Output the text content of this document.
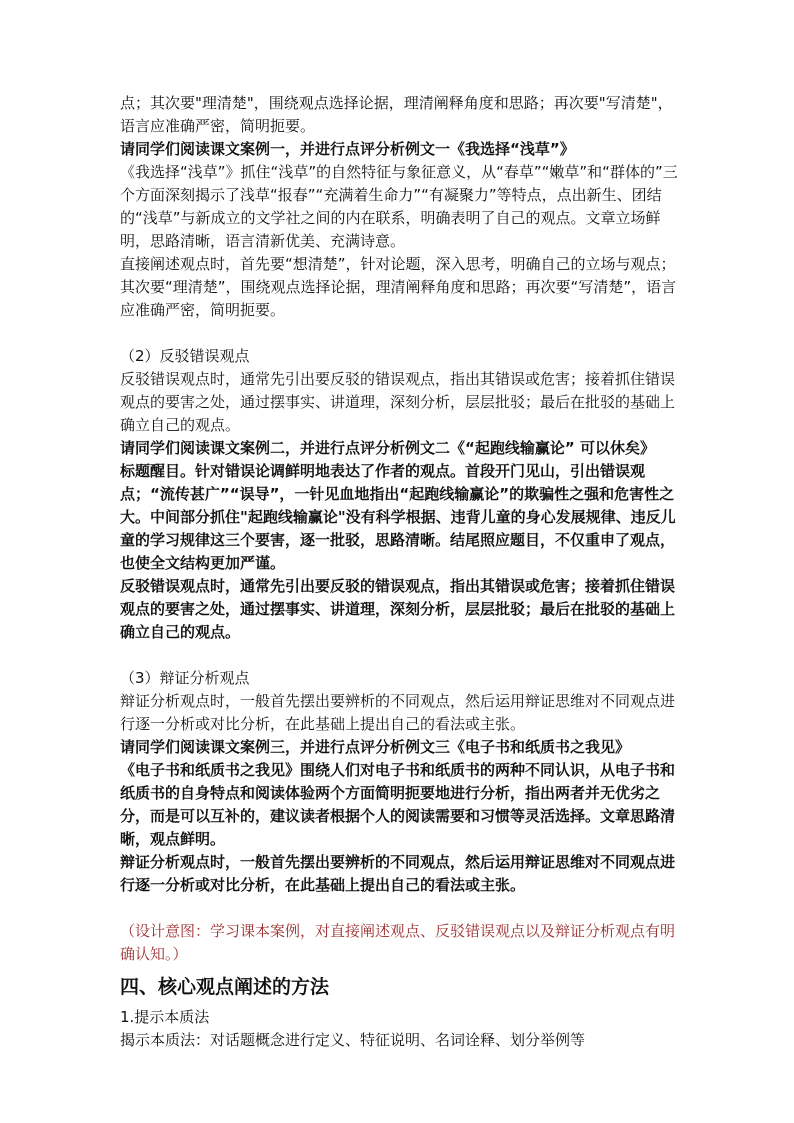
点；其次要"理清楚"，围绕观点选择论据，理清阐释角度和思路；再次要"写清楚"，语言应准确严密，简明扼要。

请同学们阅读课文案例一，并进行点评分析例文一《我选择“浅草”》

《我选择“浅草”》抓住“浅草”的自然特征与象征意义，从“春草”“嫩草”和“群体的”三个方面深刻揭示了浅草“报春”“充满着生命力”“有凝聚力”等特点，点出新生、团结的“浅草”与新成立的文学社之间的内在联系，明确表明了自己的观点。文章立场鲜明，思路清晰，语言清新优美、充满诗意。

直接阐述观点时，首先要“想清楚”，针对论题，深入思考，明确自己的立场与观点；其次要“理清楚”，围绕观点选择论据，理清阐释角度和思路；再次要“写清楚”，语言应准确严密，简明扼要。

（2）反驳错误观点

反驳错误观点时，通常先引出要反驳的错误观点，指出其错误或危害；接着抓住错误观点的要害之处，通过摆事实、讲道理，深刻分析，层层批驳；最后在批驳的基础上确立自己的观点。

请同学们阅读课文案例二，并进行点评分析例文二《“起跑线输赢论” 可以休矣》

标题醒目。针对错误论调鲜明地表达了作者的观点。首段开门见山，引出错误观点；“流传甚广”“误导”，一针见血地指出“起跑线输赢论”的欺骗性之强和危害性之大。中间部分抓住"起跑线输赢论"没有科学根据、违背儿童的身心发展规律、违反儿童的学习规律这三个要害，逐一批驳，思路清晰。结尾照应题目，不仅重申了观点，也使全文结构更加严谨。

反驳错误观点时，通常先引出要反驳的错误观点，指出其错误或危害；接着抓住错误观点的要害之处，通过摆事实、讲道理，深刻分析，层层批驳；最后在批驳的基础上确立自己的观点。

（3）辩证分析观点

辩证分析观点时，一般首先摆出要辨析的不同观点，然后运用辩证思维对不同观点进行逐一分析或对比分析，在此基础上提出自己的看法或主张。

请同学们阅读课文案例三，并进行点评分析例文三《电子书和纸质书之我见》

《电子书和纸质书之我见》围绕人们对电子书和纸质书的两种不同认识，从电子书和纸质书的自身特点和阅读体验两个方面简明扼要地进行分析，指出两者并无优劣之分，而是可以互补的，建议读者根据个人的阅读需要和习惯等灵活选择。文章思路清晰，观点鲜明。

辩证分析观点时，一般首先摆出要辨析的不同观点，然后运用辩证思维对不同观点进行逐一分析或对比分析，在此基础上提出自己的看法或主张。

（设计意图：学习课本案例，对直接阐述观点、反驳错误观点以及辩证分析观点有明确认知。）

四、核心观点阐述的方法

1.提示本质法

揭示本质法：对话题概念进行定义、特征说明、名词诠释、划分举例等
